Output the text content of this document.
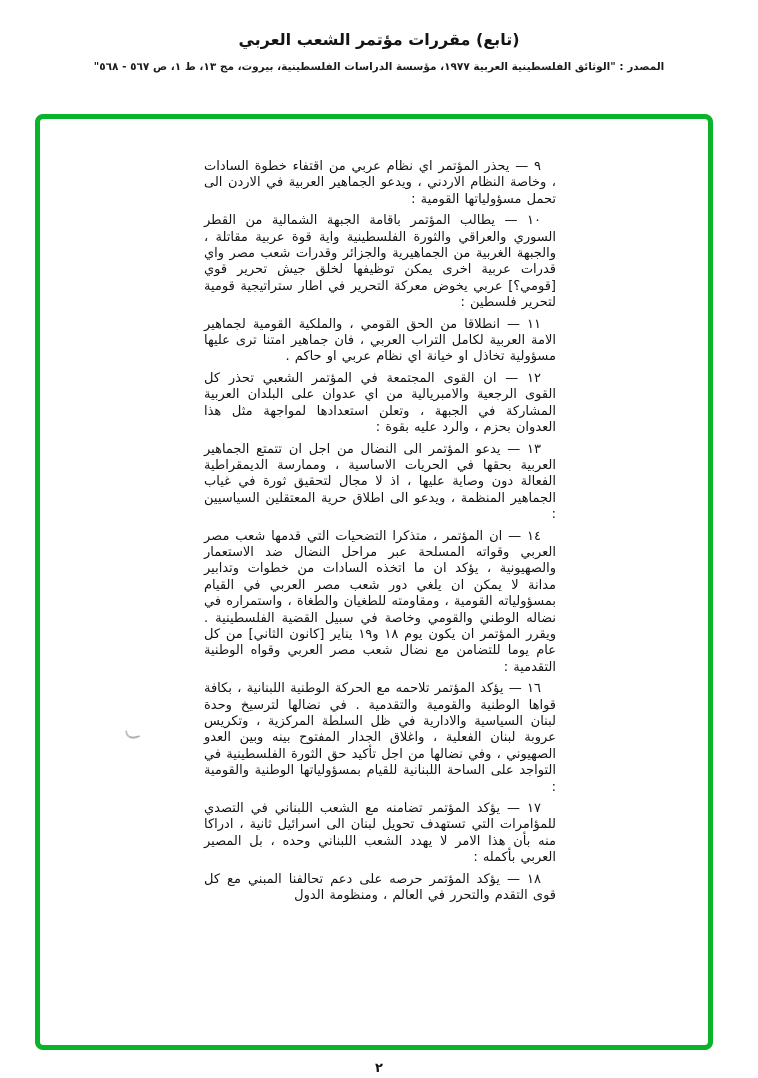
(تابع) مقررات مؤتمر الشعب العربي
المصدر : "الوثائق الفلسطينية العربية ١٩٧٧، مؤسسة الدراسات الفلسطينية، بيروت، مج ١٣، ط ١، ص ٥٦٧ - ٥٦٨"

٩ — يحذر المؤتمر اي نظام عربي من اقتفاء خطوة السادات ، وخاصة النظام الاردني ، ويدعو الجماهير العربية في الاردن الى تحمل مسؤولياتها القومية :

١٠ — يطالب المؤتمر باقامة الجبهة الشمالية من القطر السوري والعراقي والثورة الفلسطينية واية قوة عربية مقاتلة ، والجبهة الغربية من الجماهيرية والجزائر وقدرات شعب مصر واي قدرات عربية اخرى يمكن توظيفها لخلق جيش تحرير قوي [قومي؟] عربي يخوض معركة التحرير في اطار ستراتيجية قومية لتحرير فلسطين :

١١ — انطلاقا من الحق القومي ، والملكية القومية لجماهير الامة العربية لكامل التراب العربي ، فان جماهير امتنا ترى عليها مسؤولية تخاذل او خيانة اي نظام عربي او حاكم .

١٢ — ان القوى المجتمعة في المؤتمر الشعبي تحذر كل القوى الرجعية والامبريالية من اي عدوان على البلدان العربية المشاركة في الجبهة ، وتعلن استعدادها لمواجهة مثل هذا العدوان بحزم ، والرد عليه بقوة :

١٣ — يدعو المؤتمر الى النضال من اجل ان تتمتع الجماهير العربية بحقها في الحريات الاساسية ، وممارسة الديمقراطية الفعالة دون وصاية عليها ، اذ لا مجال لتحقيق ثورة في غياب الجماهير المنظمة ، ويدعو الى اطلاق حرية المعتقلين السياسيين :

١٤ — ان المؤتمر ، متذكرا التضحيات التي قدمها شعب مصر العربي وقواته المسلحة عبر مراحل النضال ضد الاستعمار والصهيونية ، يؤكد ان ما اتخذه السادات من خطوات وتدابير مدانة لا يمكن ان يلغي دور شعب مصر العربي في القيام بمسؤولياته القومية ، ومقاومته للطغيان والطغاة ، واستمراره في نضاله الوطني والقومي وخاصة في سبيل القضية الفلسطينية . ويقرر المؤتمر ان يكون يوم ١٨ و١٩ يناير [كانون الثاني] من كل عام يوما للتضامن مع نضال شعب مصر العربي وقواه الوطنية التقدمية :

١٦ — يؤكد المؤتمر تلاحمه مع الحركة الوطنية اللبنانية ، بكافة قواها الوطنية والقومية والتقدمية . في نضالها لترسيخ وحدة لبنان السياسية والادارية في ظل السلطة المركزية ، وتكريس عروبة لبنان الفعلية ، واغلاق الجدار المفتوح بينه وبين العدو الصهيوني ، وفي نضالها من اجل تأكيد حق الثورة الفلسطينية في التواجد على الساحة اللبنانية للقيام بمسؤولياتها الوطنية والقومية :

١٧ — يؤكد المؤتمر تضامنه مع الشعب اللبناني في التصدي للمؤامرات التي تستهدف تحويل لبنان الى اسرائيل ثانية ، ادراكا منه بأن هذا الامر لا يهدد الشعب اللبناني وحده ، بل المصير العربي بأكمله :

١٨ — يؤكد المؤتمر حرصه على دعم تحالفنا المبني مع كل قوى التقدم والتحرر في العالم ، ومنظومة الدول

٢
